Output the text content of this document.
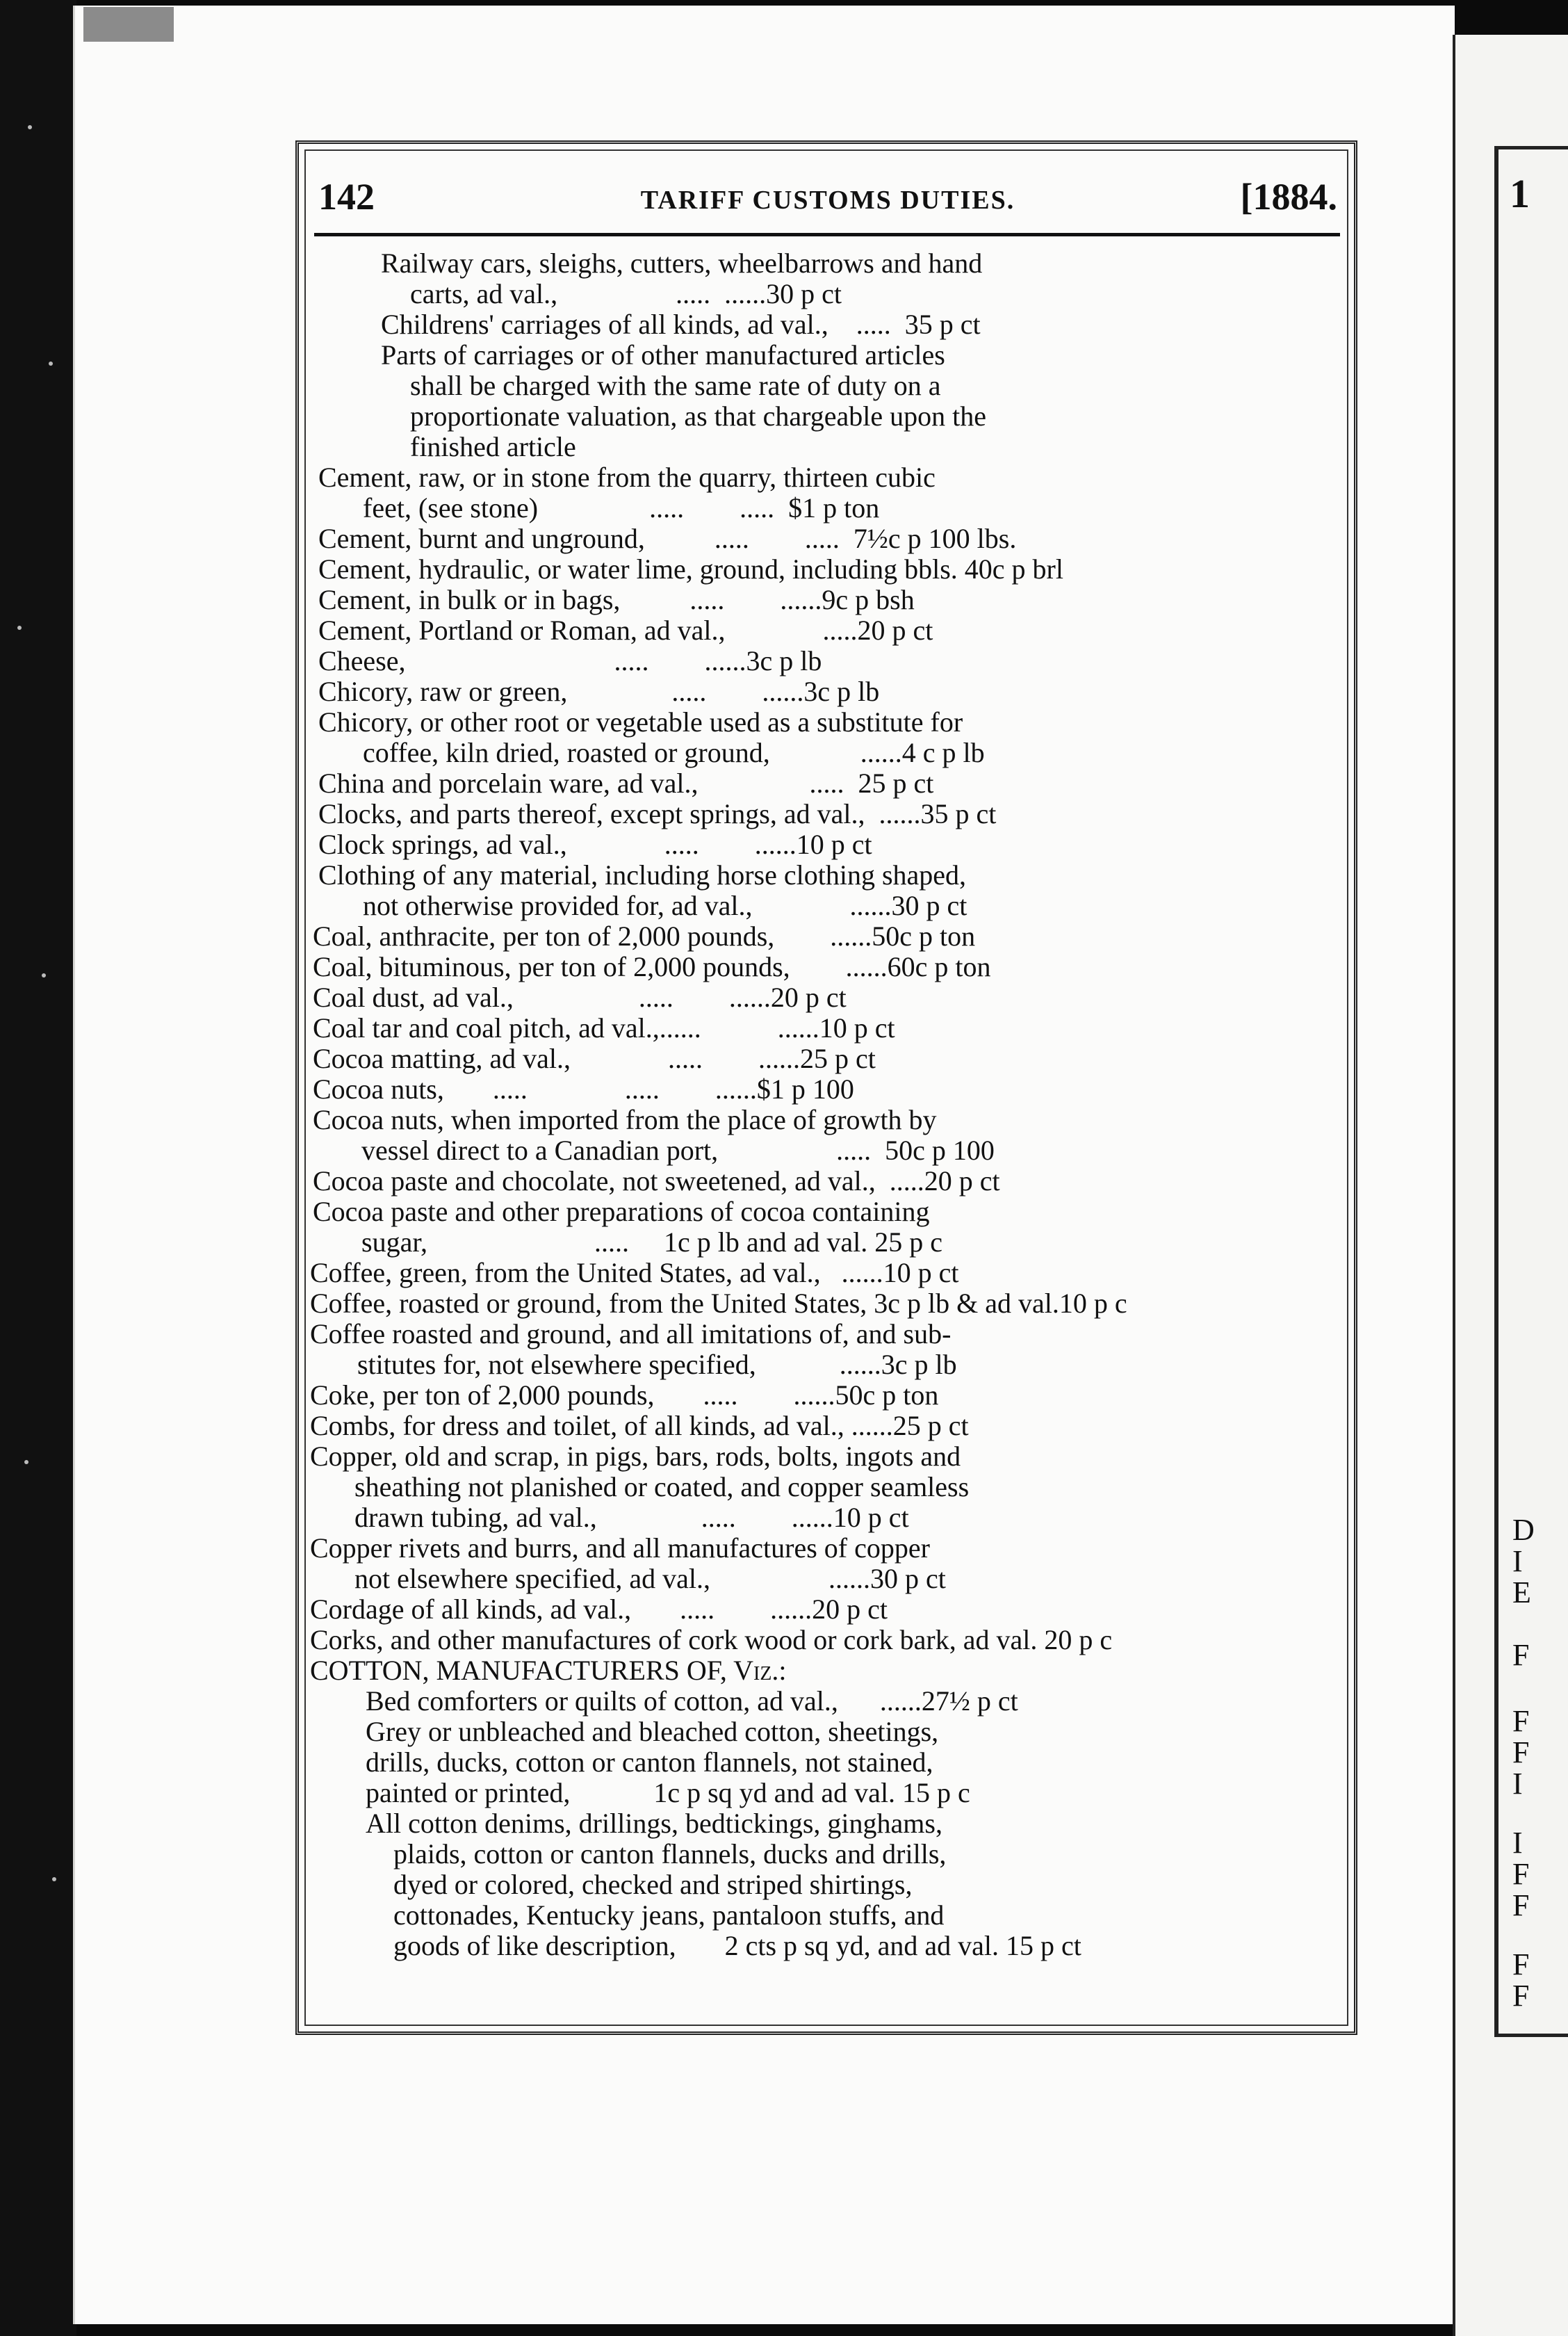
1
D
I
E
F
F
F
I
I
F
F
F
F
142	TARIFF CUSTOMS DUTIES.	[1884.
Railway cars, sleighs, cutters, wheelbarrows and hand
carts, ad val.,                 .....  ......30 p ct
Childrens' carriages of all kinds, ad val.,    .....  35 p ct
Parts of carriages or of other manufactured articles
shall be charged with the same rate of duty on a
proportionate valuation, as that chargeable upon the
finished article
Cement, raw, or in stone from the quarry, thirteen cubic
feet, (see stone)                .....        .....  $1 p ton
Cement, burnt and unground,          .....        .....  7½c p 100 lbs.
Cement, hydraulic, or water lime, ground, including bbls. 40c p brl
Cement, in bulk or in bags,          .....        ......9c p bsh
Cement, Portland or Roman, ad val.,              .....20 p ct
Cheese,                              .....        ......3c p lb
Chicory, raw or green,               .....        ......3c p lb
Chicory, or other root or vegetable used as a substitute for
coffee, kiln dried, roasted or ground,             ......4 c p lb
China and porcelain ware, ad val.,                .....  25 p ct
Clocks, and parts thereof, except springs, ad val.,  ......35 p ct
Clock springs, ad val.,              .....        ......10 p ct
Clothing of any material, including horse clothing shaped,
not otherwise provided for, ad val.,              ......30 p ct
Coal, anthracite, per ton of 2,000 pounds,        ......50c p ton
Coal, bituminous, per ton of 2,000 pounds,        ......60c p ton
Coal dust, ad val.,                  .....        ......20 p ct
Coal tar and coal pitch, ad val.,......           ......10 p ct
Cocoa matting, ad val.,              .....        ......25 p ct
Cocoa nuts,       .....              .....        ......$1 p 100
Cocoa nuts, when imported from the place of growth by
vessel direct to a Canadian port,                 .....  50c p 100
Cocoa paste and chocolate, not sweetened, ad val.,  .....20 p ct
Cocoa paste and other preparations of cocoa containing
sugar,                        .....     1c p lb and ad val. 25 p c
Coffee, green, from the United States, ad val.,   ......10 p ct
Coffee, roasted or ground, from the United States, 3c p lb & ad val.10 p c
Coffee roasted and ground, and all imitations of, and sub-
stitutes for, not elsewhere specified,            ......3c p lb
Coke, per ton of 2,000 pounds,       .....        ......50c p ton
Combs, for dress and toilet, of all kinds, ad val., ......25 p ct
Copper, old and scrap, in pigs, bars, rods, bolts, ingots and
sheathing not planished or coated, and copper seamless
drawn tubing, ad val.,               .....        ......10 p ct
Copper rivets and burrs, and all manufactures of copper
not elsewhere specified, ad val.,                 ......30 p ct
Cordage of all kinds, ad val.,       .....        ......20 p ct
Corks, and other manufactures of cork wood or cork bark, ad val. 20 p c
COTTON, MANUFACTURERS OF, Viz.:
Bed comforters or quilts of cotton, ad val.,      ......27½ p ct
Grey or unbleached and bleached cotton, sheetings,
drills, ducks, cotton or canton flannels, not stained,
painted or printed,            1c p sq yd and ad val. 15 p c
All cotton denims, drillings, bedtickings, ginghams,
plaids, cotton or canton flannels, ducks and drills,
dyed or colored, checked and striped shirtings,
cottonades, Kentucky jeans, pantaloon stuffs, and
goods of like description,       2 cts p sq yd, and ad val. 15 p ct
